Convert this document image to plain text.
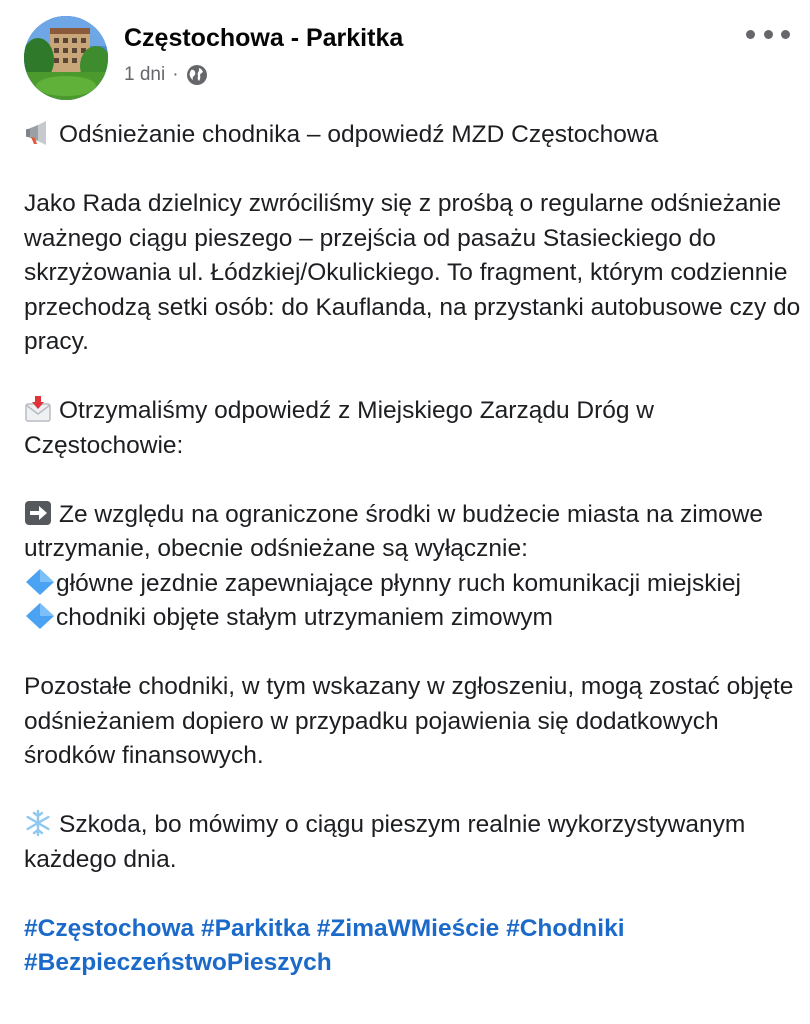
Częstochowa - Parkitka
1 dni ·

Odśnieżanie chodnika – odpowiedź MZD Częstochowa

Jako Rada dzielnicy zwróciliśmy się z prośbą o regularne odśnieżanie ważnego ciągu pieszego – przejścia od pasażu Stasieckiego do skrzyżowania ul. Łódzkiej/Okulickiego. To fragment, którym codziennie przechodzą setki osób: do Kauflanda, na przystanki autobusowe czy do pracy.

Otrzymaliśmy odpowiedź z Miejskiego Zarządu Dróg w Częstochowie:

Ze względu na ograniczone środki w budżecie miasta na zimowe utrzymanie, obecnie odśnieżane są wyłącznie:
główne jezdnie zapewniające płynny ruch komunikacji miejskiej
chodniki objęte stałym utrzymaniem zimowym

Pozostałe chodniki, w tym wskazany w zgłoszeniu, mogą zostać objęte odśnieżaniem dopiero w przypadku pojawienia się dodatkowych środków finansowych.

Szkoda, bo mówimy o ciągu pieszym realnie wykorzystywanym każdego dnia.

#Częstochowa #Parkitka #ZimaWMieście #Chodniki #BezpieczeństwoPieszych
